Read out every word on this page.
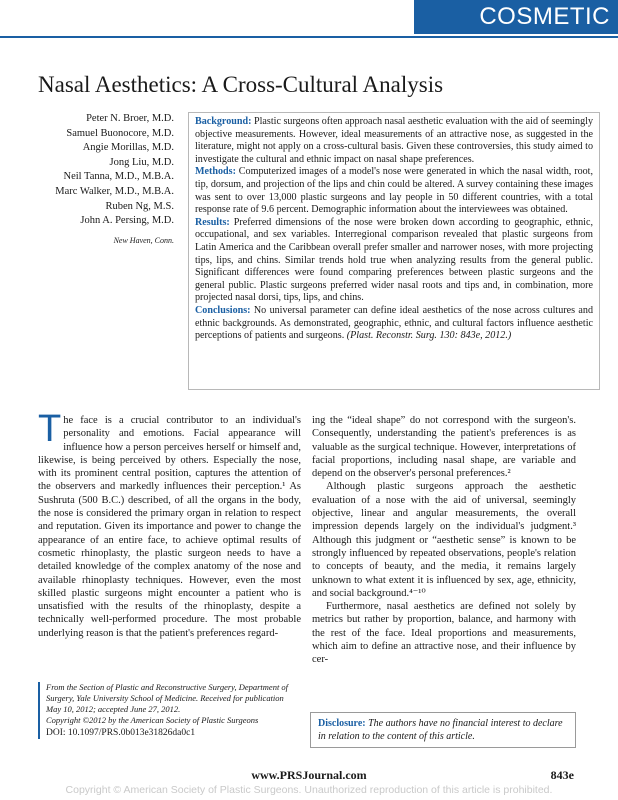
COSMETIC
Nasal Aesthetics: A Cross-Cultural Analysis
Peter N. Broer, M.D.
Samuel Buonocore, M.D.
Angie Morillas, M.D.
Jong Liu, M.D.
Neil Tanna, M.D., M.B.A.
Marc Walker, M.D., M.B.A.
Ruben Ng, M.S.
John A. Persing, M.D.
New Haven, Conn.

Background: Plastic surgeons often approach nasal aesthetic evaluation with the aid of seemingly objective measurements. However, ideal measurements of an attractive nose, as suggested in the literature, might not apply on a cross-cultural basis. Given these controversies, this study aimed to investigate the cultural and ethnic impact on nasal shape preferences.

Methods: Computerized images of a model's nose were generated in which the nasal width, root, tip, dorsum, and projection of the lips and chin could be altered. A survey containing these images was sent to over 13,000 plastic surgeons and lay people in 50 different countries, with a total response rate of 9.6 percent. Demographic information about the interviewees was obtained.

Results: Preferred dimensions of the nose were broken down according to geographic, ethnic, occupational, and sex variables. Interregional comparison revealed that plastic surgeons from Latin America and the Caribbean overall prefer smaller and narrower noses, with more projecting tips, lips, and chins. Similar trends hold true when analyzing results from the general public. Significant differences were found comparing preferences between plastic surgeons and the general public. Plastic surgeons preferred wider nasal roots and tips and, in combination, more projected nasal dorsi, tips, lips, and chins.

Conclusions: No universal parameter can define ideal aesthetics of the nose across cultures and ethnic backgrounds. As demonstrated, geographic, ethnic, and cultural factors influence aesthetic perceptions of patients and surgeons. (Plast. Reconstr. Surg. 130: 843e, 2012.)

The face is a crucial contributor to an individual's personality and emotions. Facial appearance will influence how a person perceives herself or himself and, likewise, is being perceived by others. Especially the nose, with its prominent central position, captures the attention of the observers and markedly influences their perception.¹ As Sushruta (500 B.C.) described, of all the organs in the body, the nose is considered the primary organ in relation to respect and reputation. Given its importance and power to change the appearance of an entire face, to achieve optimal results of cosmetic rhinoplasty, the plastic surgeon needs to have a detailed knowledge of the complex anatomy of the nose and available rhinoplasty techniques. However, even the most skilled plastic surgeons might encounter a patient who is unsatisfied with the results of the rhinoplasty, despite a technically well-performed procedure. The most probable underlying reason is that the patient's preferences regard-

ing the “ideal shape” do not correspond with the surgeon's. Consequently, understanding the patient's preferences is as valuable as the surgical technique. However, interpretations of facial proportions, including nasal shape, are variable and depend on the observer's personal preferences.²

Although plastic surgeons approach the aesthetic evaluation of a nose with the aid of universal, seemingly objective, linear and angular measurements, the overall impression depends largely on the individual's judgment.³ Although this judgment or “aesthetic sense” is known to be strongly influenced by repeated observations, people's relation to concepts of beauty, and the media, it remains largely unknown to what extent it is influenced by sex, age, ethnicity, and social background.⁴⁻¹⁰

Furthermore, nasal aesthetics are defined not solely by metrics but rather by proportion, balance, and harmony with the rest of the face. Ideal proportions and measurements, which aim to define an attractive nose, and their influence by cer-

From the Section of Plastic and Reconstructive Surgery, Department of Surgery, Yale University School of Medicine. Received for publication May 10, 2012; accepted June 27, 2012.
Copyright ©2012 by the American Society of Plastic Surgeons
DOI: 10.1097/PRS.0b013e31826da0c1
Disclosure: The authors have no financial interest to declare in relation to the content of this article.
www.PRSJournal.com	843e
Copyright © American Society of Plastic Surgeons. Unauthorized reproduction of this article is prohibited.
